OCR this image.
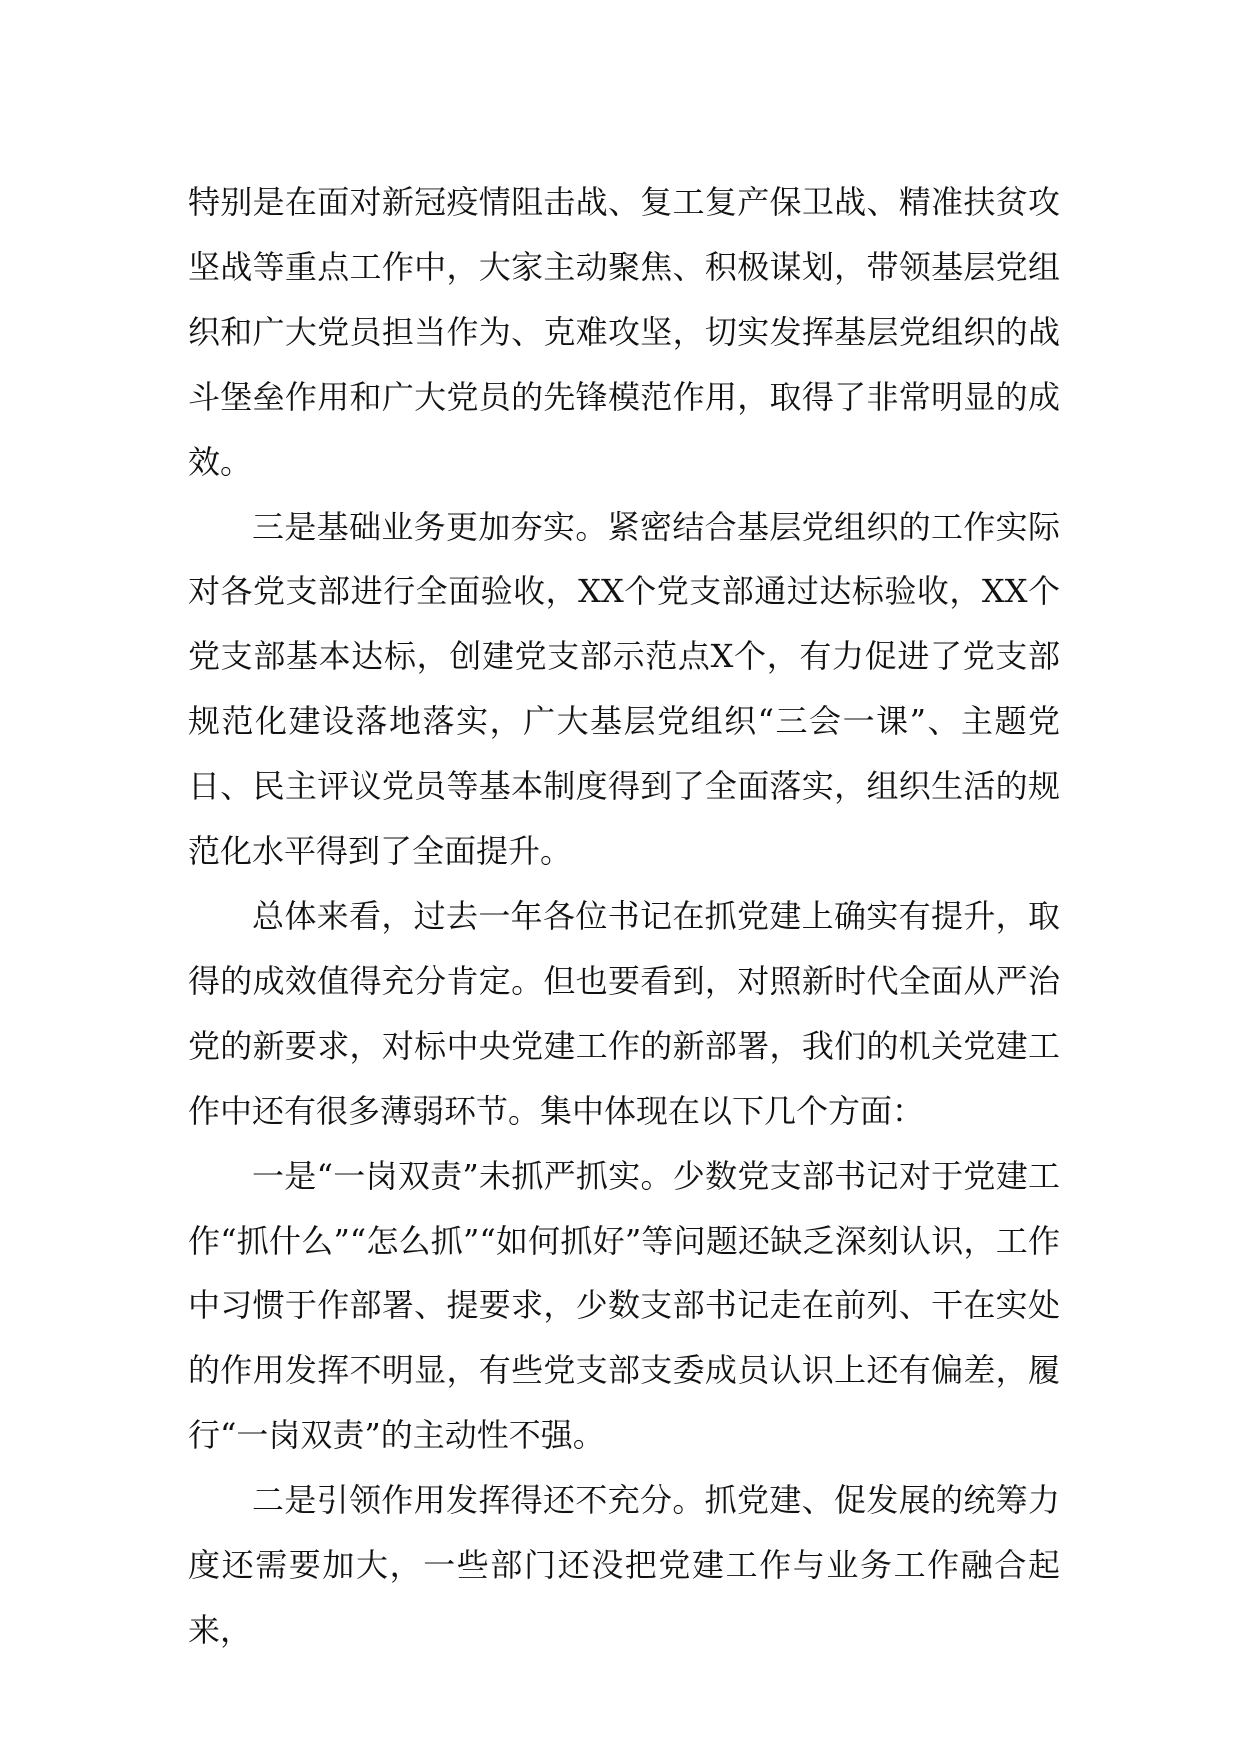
特别是在面对新冠疫情阻击战、复工复产保卫战、精准扶贫攻坚战等重点工作中，大家主动聚焦、积极谋划，带领基层党组织和广大党员担当作为、克难攻坚，切实发挥基层党组织的战斗堡垒作用和广大党员的先锋模范作用，取得了非常明显的成效。

三是基础业务更加夯实。紧密结合基层党组织的工作实际对各党支部进行全面验收，XX个党支部通过达标验收，XX个党支部基本达标，创建党支部示范点X个，有力促进了党支部规范化建设落地落实，广大基层党组织“三会一课”、主题党日、民主评议党员等基本制度得到了全面落实，组织生活的规范化水平得到了全面提升。

总体来看，过去一年各位书记在抓党建上确实有提升，取得的成效值得充分肯定。但也要看到，对照新时代全面从严治党的新要求，对标中央党建工作的新部署，我们的机关党建工作中还有很多薄弱环节。集中体现在以下几个方面：

一是“一岗双责”未抓严抓实。少数党支部书记对于党建工作“抓什么”“怎么抓”“如何抓好”等问题还缺乏深刻认识，工作中习惯于作部署、提要求，少数支部书记走在前列、干在实处的作用发挥不明显，有些党支部支委成员认识上还有偏差，履行“一岗双责”的主动性不强。

二是引领作用发挥得还不充分。抓党建、促发展的统筹力度还需要加大，一些部门还没把党建工作与业务工作融合起来，
